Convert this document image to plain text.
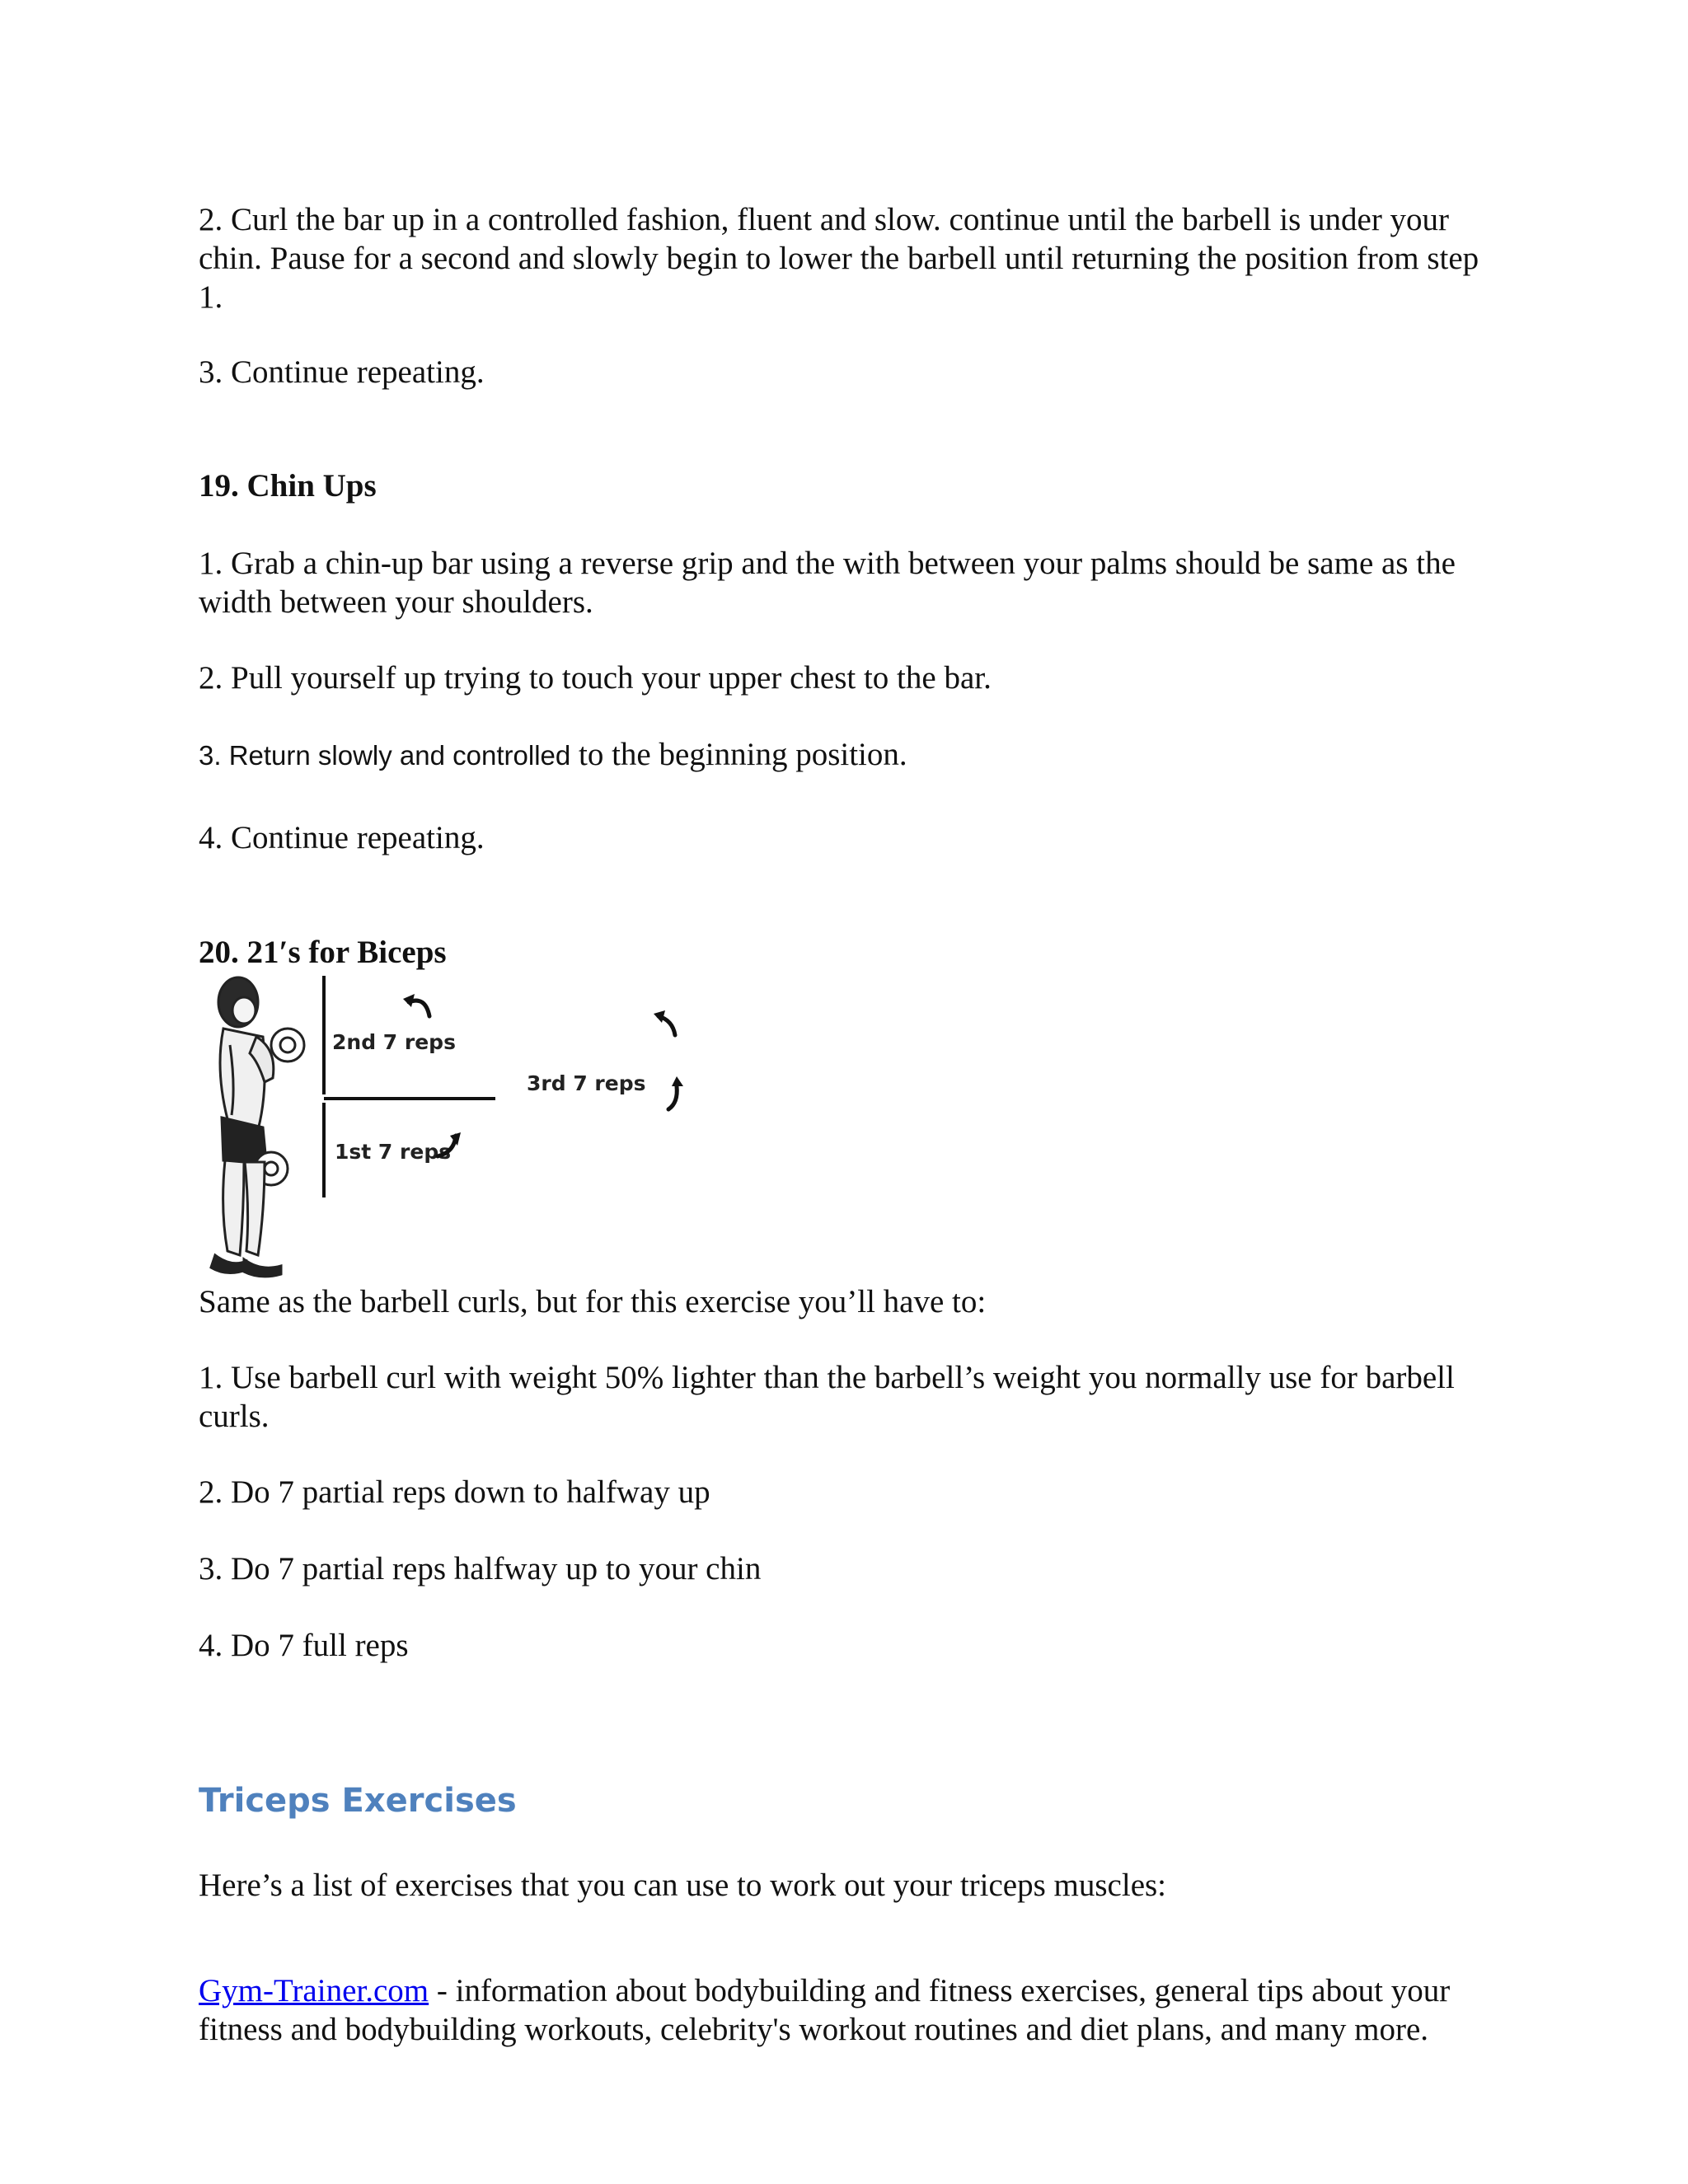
2. Curl the bar up in a controlled fashion, fluent and slow. continue until the barbell is under your chin. Pause for a second and slowly begin to lower the barbell until returning the position from step 1.

3. Continue repeating.

19. Chin Ups

1. Grab a chin-up bar using a reverse grip and the with between your palms should be same as the width between your shoulders.

2. Pull yourself up trying to touch your upper chest to the bar.

3. Return slowly and controlled to the beginning position.

4. Continue repeating.

20. 21′s for Biceps

2nd 7 reps
1st 7 reps
3rd 7 reps

Same as the barbell curls, but for this exercise you’ll have to:

1. Use barbell curl with weight 50% lighter than the barbell’s weight you normally use for barbell curls.

2. Do 7 partial reps down to halfway up

3. Do 7 partial reps halfway up to your chin

4. Do 7 full reps

Triceps Exercises

Here’s a list of exercises that you can use to work out your triceps muscles:

Gym-Trainer.com - information about bodybuilding and fitness exercises, general tips about your fitness and bodybuilding workouts, celebrity's workout routines and diet plans, and many more.
